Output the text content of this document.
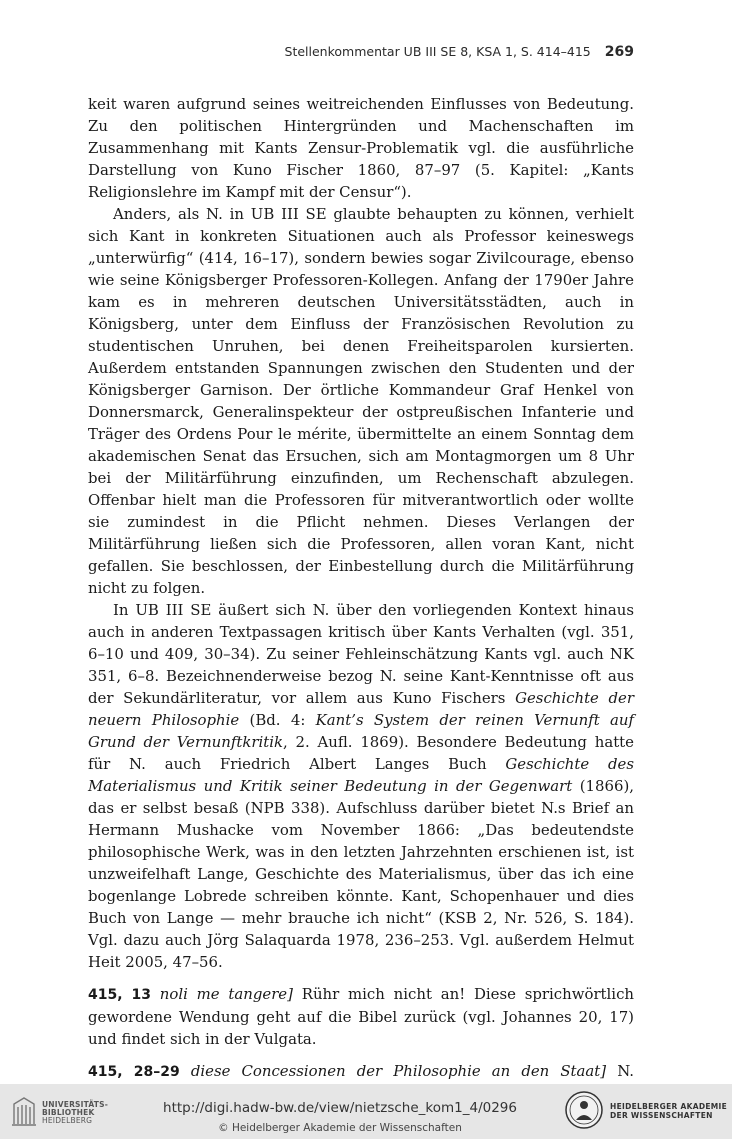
Stellenkommentar UB III SE 8, KSA 1, S. 414–415 269

keit waren aufgrund seines weitreichenden Einflusses von Bedeutung. Zu den politischen Hintergründen und Machenschaften im Zusammenhang mit Kants Zensur-Problematik vgl. die ausführliche Darstellung von Kuno Fischer 1860, 87–97 (5. Kapitel: „Kants Religionslehre im Kampf mit der Censur“).

Anders, als N. in UB III SE glaubte behaupten zu können, verhielt sich Kant in konkreten Situationen auch als Professor keineswegs „unterwürfig“ (414, 16–17), sondern bewies sogar Zivilcourage, ebenso wie seine Königsberger Professoren-Kollegen. Anfang der 1790er Jahre kam es in mehreren deutschen Universitätsstädten, auch in Königsberg, unter dem Einfluss der Französischen Revolution zu studentischen Unruhen, bei denen Freiheitsparolen kursierten. Außerdem entstanden Spannungen zwischen den Studenten und der Königsberger Garnison. Der örtliche Kommandeur Graf Henkel von Donnersmarck, Generalinspekteur der ostpreußischen Infanterie und Träger des Ordens Pour le mérite, übermittelte an einem Sonntag dem akademischen Senat das Ersuchen, sich am Montagmorgen um 8 Uhr bei der Militärführung einzufinden, um Rechenschaft abzulegen. Offenbar hielt man die Professoren für mitverantwortlich oder wollte sie zumindest in die Pflicht nehmen. Dieses Verlangen der Militärführung ließen sich die Professoren, allen voran Kant, nicht gefallen. Sie beschlossen, der Einbestellung durch die Militärführung nicht zu folgen.

In UB III SE äußert sich N. über den vorliegenden Kontext hinaus auch in anderen Textpassagen kritisch über Kants Verhalten (vgl. 351, 6–10 und 409, 30–34). Zu seiner Fehleinschätzung Kants vgl. auch NK 351, 6–8. Bezeichnenderweise bezog N. seine Kant-Kenntnisse oft aus der Sekundärliteratur, vor allem aus Kuno Fischers Geschichte der neuern Philosophie (Bd. 4: Kant’s System der reinen Vernunft auf Grund der Vernunftkritik, 2. Aufl. 1869). Besondere Bedeutung hatte für N. auch Friedrich Albert Langes Buch Geschichte des Materialismus und Kritik seiner Bedeutung in der Gegenwart (1866), das er selbst besaß (NPB 338). Aufschluss darüber bietet N.s Brief an Hermann Mushacke vom November 1866: „Das bedeutendste philosophische Werk, was in den letzten Jahrzehnten erschienen ist, ist unzweifelhaft Lange, Geschichte des Materialismus, über das ich eine bogenlange Lobrede schreiben könnte. Kant, Schopenhauer und dies Buch von Lange — mehr brauche ich nicht“ (KSB 2, Nr. 526, S. 184). Vgl. dazu auch Jörg Salaquarda 1978, 236–253. Vgl. außerdem Helmut Heit 2005, 47–56.

415, 13 noli me tangere] Rühr mich nicht an! Diese sprichwörtlich gewordene Wendung geht auf die Bibel zurück (vgl. Johannes 20, 17) und findet sich in der Vulgata.

415, 28–29 diese Concessionen der Philosophie an den Staat] N.

UNIVERSITÄTS-
BIBLIOTHEK
HEIDELBERG
http://digi.hadw-bw.de/view/nietzsche_kom1_4/0296
© Heidelberger Akademie der Wissenschaften
HEIDELBERGER AKADEMIE
DER WISSENSCHAFTEN
